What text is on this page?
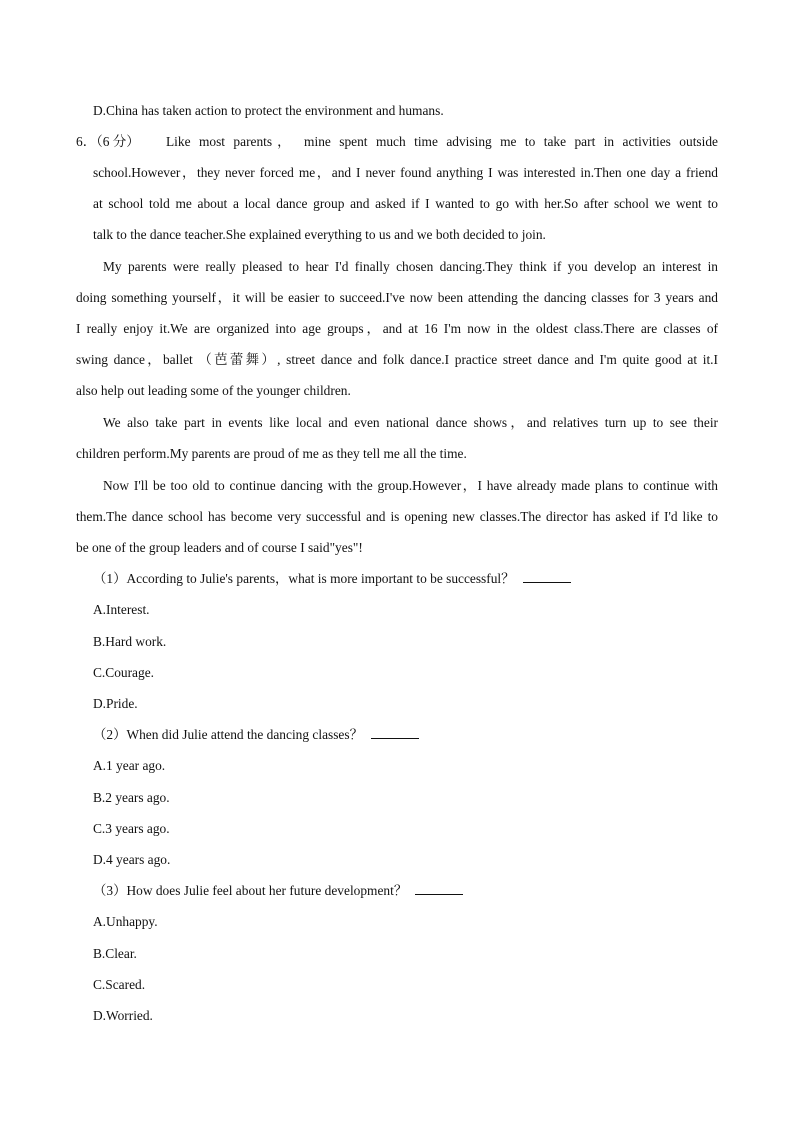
D.China has taken action to protect the environment and humans.
6．（6 分） Like most parents， mine spent much time advising me to take part in activities outside
school.However，they never forced me，and I never found anything I was interested in.Then one day a friend
at school told me about a local dance group and asked if I wanted to go with her.So after school we went to
talk to the dance teacher.She explained everything to us and we both decided to join.
My parents were really pleased to hear I'd finally chosen dancing.They think if you develop an interest in
doing something yourself，it will be easier to succeed.I've now been attending the dancing classes for 3 years and
I really enjoy it.We are organized into age groups，and at 16 I'm now in the oldest class.There are classes of
swing dance，ballet （芭蕾舞）, street dance and folk dance.I practice street dance and I'm quite good at it.I
also help out leading some of the younger children.
We also take part in events like local and even national dance shows，and relatives turn up to see their
children perform.My parents are proud of me as they tell me all the time.
Now I'll be too old to continue dancing with the group.However，I have already made plans to continue with
them.The dance school has become very successful and is opening new classes.The director has asked if I'd like to
be one of the group leaders and of course I said"yes"!
（1）According to Julie's parents，what is more important to be successful？
A.Interest.
B.Hard work.
C.Courage.
D.Pride.
（2）When did Julie attend the dancing classes？
A.1 year ago.
B.2 years ago.
C.3 years ago.
D.4 years ago.
（3）How does Julie feel about her future development？
A.Unhappy.
B.Clear.
C.Scared.
D.Worried.
